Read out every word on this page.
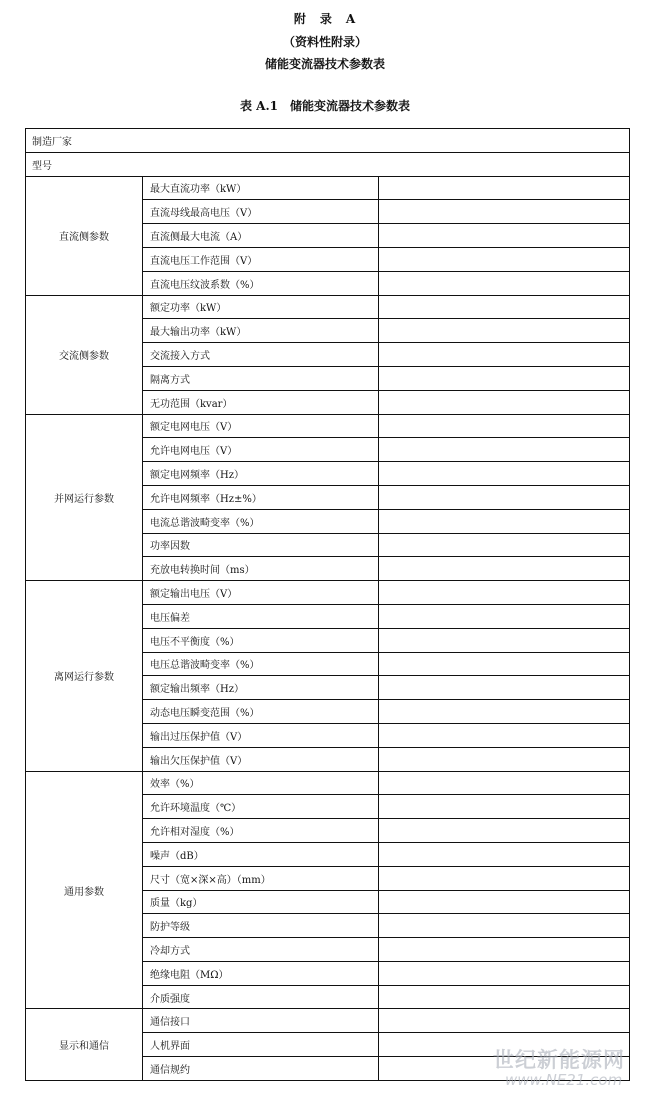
附　录　A
（资料性附录）
储能变流器技术参数表
表 A.1　储能变流器技术参数表
制造厂家		
型号		
直流侧参数	最大直流功率（kW）	
	直流母线最高电压（V）	
	直流侧最大电流（A）	
	直流电压工作范围（V）	
	直流电压纹波系数（%）	
交流侧参数	额定功率（kW）	
	最大输出功率（kW）	
	交流接入方式	
	隔离方式	
	无功范围（kvar）	
并网运行参数	额定电网电压（V）	
	允许电网电压（V）	
	额定电网频率（Hz）	
	允许电网频率（Hz±%）	
	电流总谐波畸变率（%）	
	功率因数	
	充放电转换时间（ms）	
离网运行参数	额定输出电压（V）	
	电压偏差	
	电压不平衡度（%）	
	电压总谐波畸变率（%）	
	额定输出频率（Hz）	
	动态电压瞬变范围（%）	
	输出过压保护值（V）	
	输出欠压保护值（V）	
通用参数	效率（%）	
	允许环境温度（℃）	
	允许相对湿度（%）	
	噪声（dB）	
	尺寸（宽×深×高）（mm）	
	质量（kg）	
	防护等级	
	冷却方式	
	绝缘电阻（MΩ）	
	介质强度	
显示和通信	通信接口	
	人机界面	
	通信规约		世纪新能源网
www.NE21.com
